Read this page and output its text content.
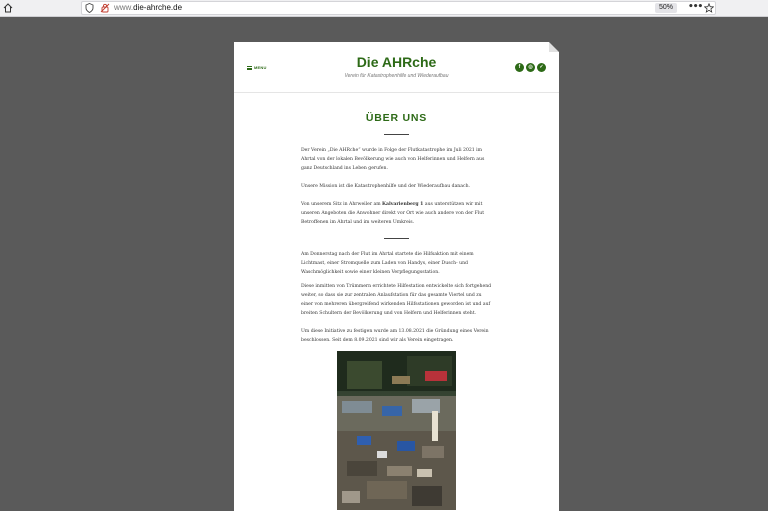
www.die-ahrche.de	50%	•••
MENU	Die AHRche
Verein für Katastrophenhilfe und Wiederaufbau
f	◎	✓
ÜBER UNS
Der Verein „Die AHRche“ wurde in Folge der Flutkatastrophe im Juli 2021 im Ahrtal von der lokalen Bevölkerung wie auch von Helferinnen und Helfern aus ganz Deutschland ins Leben gerufen.
Unsere Mission ist die Katastrophenhilfe und der Wiederaufbau danach.
Von unserem Sitz in Ahrweiler am Kalvarienberg 1 aus unterstützen wir mit unseren Angeboten die Anwohner direkt vor Ort wie auch andere von der Flut Betroffenen im Ahrtal und im weiteren Umkreis.
Am Donnerstag nach der Flut im Ahrtal startete die Hilfsaktion mit einem Lichtmast, einer Stromquelle zum Laden von Handys, einer Dusch- und Waschmöglichkeit sowie einer kleinen Verpflegungsstation.
Diese inmitten von Trümmern errichtete Hilfestation entwickelte sich fortgehend weiter, so dass sie zur zentralen Anlaufstation für das gesamte Viertel und zu einer von mehreren übergreifend wirkenden Hilfsstationen geworden ist und auf breiten Schultern der Bevölkerung und von Helfern und Helferinnen steht.
Um diese Initiative zu festigen wurde am 13.08.2021 die Gründung eines Verein beschlossen. Seit dem 8.09.2021 sind wir als Verein eingetragen.
